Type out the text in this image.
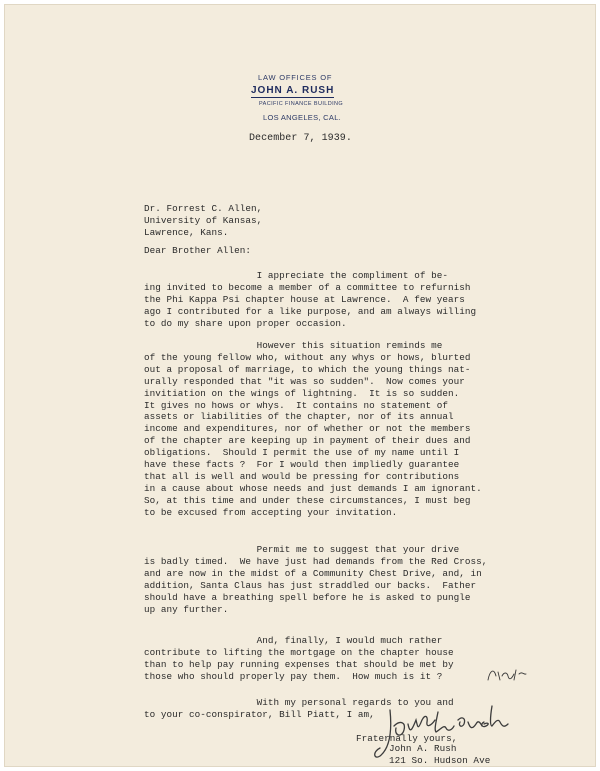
LAW OFFICES OF
JOHN A. RUSH
PACIFIC FINANCE BUILDING
LOS ANGELES, CAL.
December 7, 1939.
Dr. Forrest C. Allen,
University of Kansas,
Lawrence, Kans.
Dear Brother Allen:
I appreciate the compliment of be-
ing invited to become a member of a committee to refurnish
the Phi Kappa Psi chapter house at Lawrence.  A few years
ago I contributed for a like purpose, and am always willing
to do my share upon proper occasion.
However this situation reminds me
of the young fellow who, without any whys or hows, blurted
out a proposal of marriage, to which the young things nat-
urally responded that "it was so sudden".  Now comes your
invitiation on the wings of lightning.  It is so sudden.
It gives no hows or whys.  It contains no statement of
assets or liabilities of the chapter, nor of its annual
income and expenditures, nor of whether or not the members
of the chapter are keeping up in payment of their dues and
obligations.  Should I permit the use of my name until I
have these facts ?  For I would then impliedly guarantee
that all is well and would be pressing for contributions
in a cause about whose needs and just demands I am ignorant.
So, at this time and under these circumstances, I must beg
to be excused from accepting your invitation.
Permit me to suggest that your drive
is badly timed.  We have just had demands from the Red Cross,
and are now in the midst of a Community Chest Drive, and, in
addition, Santa Claus has just straddled our backs.  Father
should have a breathing spell before he is asked to pungle
up any further.
And, finally, I would much rather
contribute to lifting the mortgage on the chapter house
than to help pay running expenses that should be met by
those who should properly pay them.  How much is it ?
With my personal regards to you and
to your co-conspirator, Bill Piatt, I am,
Fraternally yours,
John A. Rush
121 So. Hudson Ave
